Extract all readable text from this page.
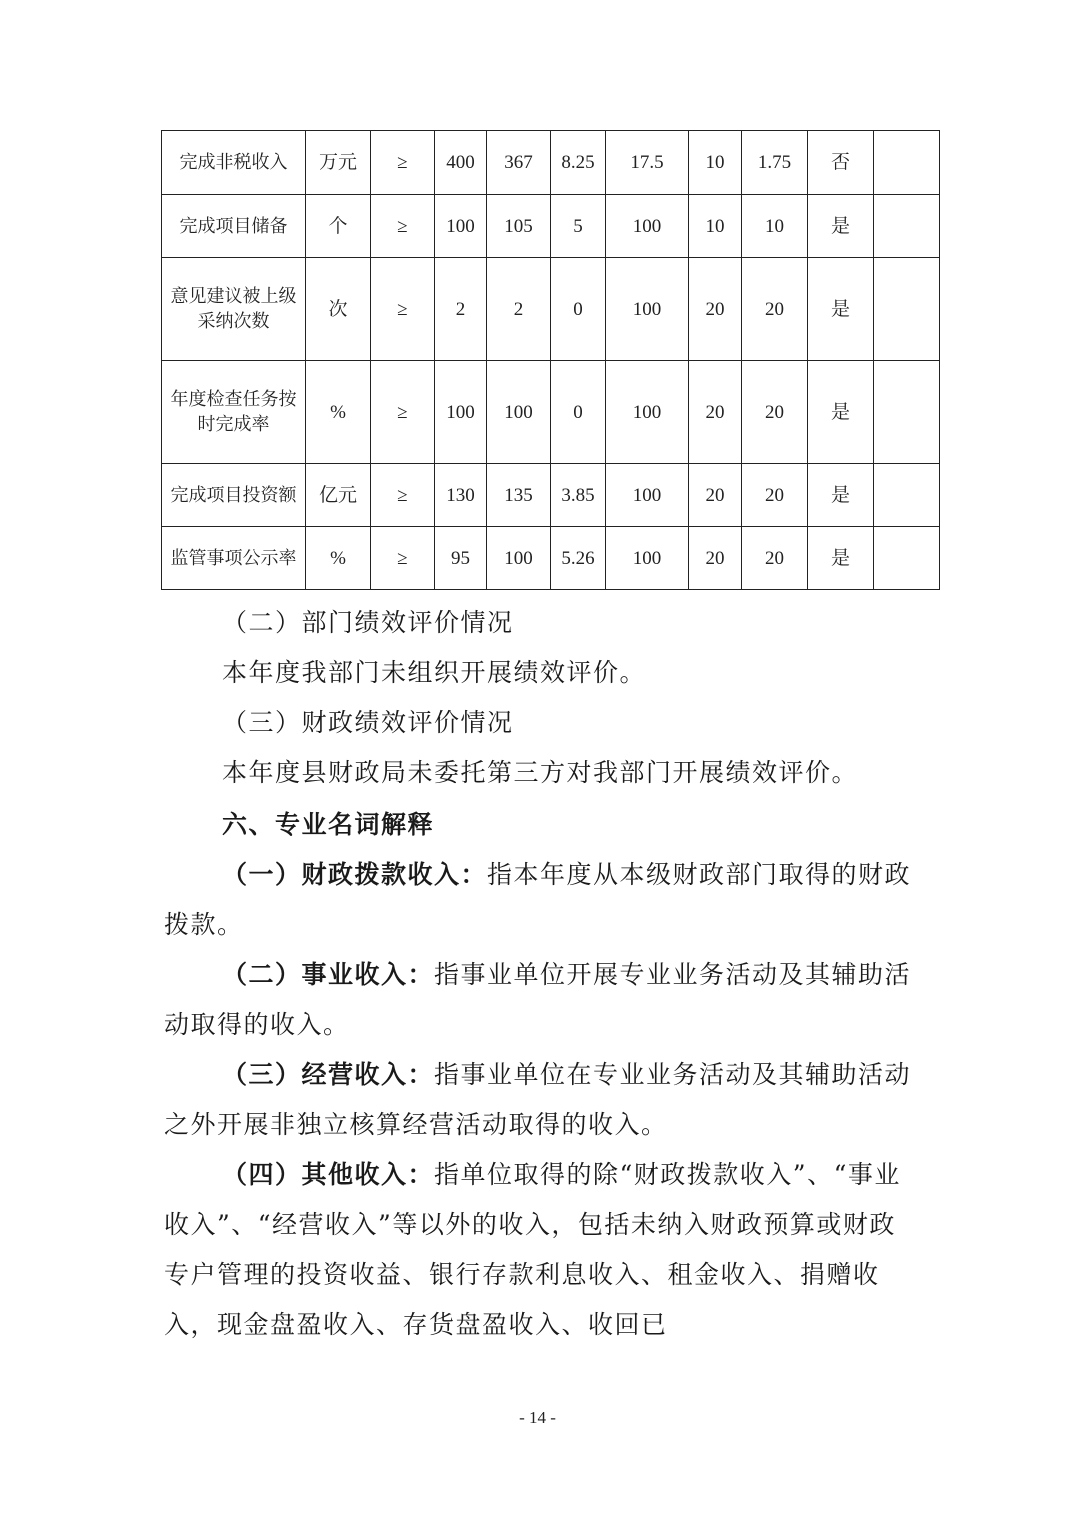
完成非税收入	万元	≥	400	367	8.25	17.5	10	1.75	否	
完成项目储备	个	≥	100	105	5	100	10	10	是	
意见建议被上级采纳次数	次	≥	2	2	0	100	20	20	是	
年度检查任务按时完成率	%	≥	100	100	0	100	20	20	是	
完成项目投资额	亿元	≥	130	135	3.85	100	20	20	是	
监管事项公示率	%	≥	95	100	5.26	100	20	20	是	

（二）部门绩效评价情况

本年度我部门未组织开展绩效评价。

（三）财政绩效评价情况

本年度县财政局未委托第三方对我部门开展绩效评价。

六、专业名词解释

（一）财政拨款收入：指本年度从本级财政部门取得的财政拨款。

（二）事业收入：指事业单位开展专业业务活动及其辅助活动取得的收入。

（三）经营收入：指事业单位在专业业务活动及其辅助活动之外开展非独立核算经营活动取得的收入。

（四）其他收入：指单位取得的除“财政拨款收入”、“事业收入”、“经营收入”等以外的收入，包括未纳入财政预算或财政专户管理的投资收益、银行存款利息收入、租金收入、捐赠收入，现金盘盈收入、存货盘盈收入、收回已

- 14 -
